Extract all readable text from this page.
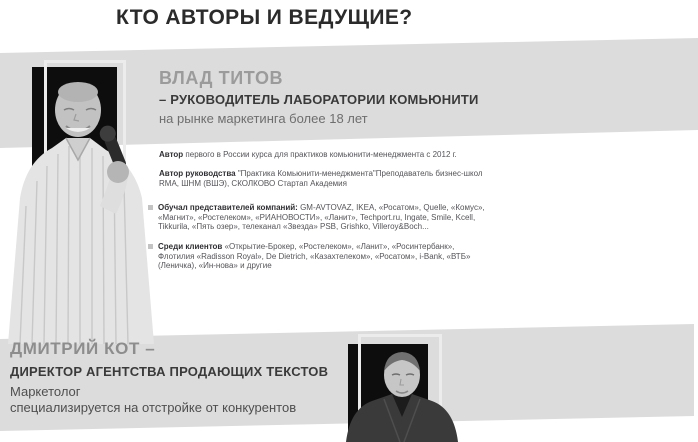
КТО АВТОРЫ И ВЕДУЩИЕ?
ВЛАД ТИТОВ
– РУКОВОДИТЕЛЬ ЛАБОРАТОРИИ КОМЬЮНИТИ
на рынке маркетинга более 18 лет

Автор первого в России курса для практиков комьюнити-менеджмента с 2012 г.

Автор руководства "Практика Комьюнити-менеджмента"Преподаватель бизнес-школ RMA, ШНМ (ВШЭ), СКОЛКОВО Стартап Академия

Обучал представителей компаний: GM-AVTOVAZ, IKEA, «Росатом», Quelle, «Комус», «Магнит», «Ростелеком», «РИАНОВОСТИ», «Ланит», Techport.ru, Ingate, Smile, Kcell, Tikkurila, «Пять озер», телеканал «Звезда» PSB, Grishko, Villeroy&Boch...

Среди клиентов «Открытие-Брокер, «Ростелеком», «Ланит», «Росинтербанк», Флотилия «Radisson Royal», De Dietrich, «Казахтелеком», «Росатом», i-Bank, «ВТБ» (Леничка), «Ин-нова» и другие

ДМИТРИЙ КОТ –
ДИРЕКТОР АГЕНТСТВА ПРОДАЮЩИХ ТЕКСТОВ
Маркетолог
специализируется на отстройке от конкурентов
